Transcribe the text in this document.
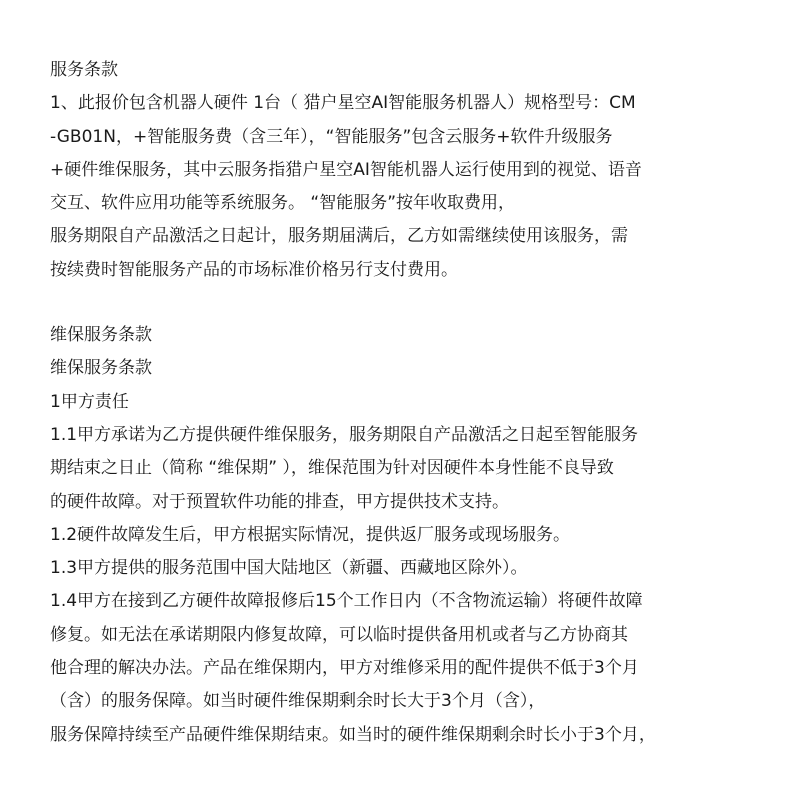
服务条款

1、此报价包含机器人硬件 1台（ 猎户星空AI智能服务机器人）规格型号：CM

-GB01N，+智能服务费（含三年），“智能服务”包含云服务+软件升级服务

+硬件维保服务，其中云服务指猎户星空AI智能机器人运行使用到的视觉、语音

交互、软件应用功能等系统服务。 “智能服务”按年收取费用，

服务期限自产品激活之日起计，服务期届满后，乙方如需继续使用该服务，需

按续费时智能服务产品的市场标准价格另行支付费用。

维保服务条款

维保服务条款

1甲方责任

1.1甲方承诺为乙方提供硬件维保服务，服务期限自产品激活之日起至智能服务

期结束之日止（简称 “维保期” ），维保范围为针对因硬件本身性能不良导致

的硬件故障。对于预置软件功能的排查，甲方提供技术支持。

1.2硬件故障发生后，甲方根据实际情况，提供返厂服务或现场服务。

1.3甲方提供的服务范围中国大陆地区（新疆、西藏地区除外）。

1.4甲方在接到乙方硬件故障报修后15个工作日内（不含物流运输）将硬件故障

修复。如无法在承诺期限内修复故障，可以临时提供备用机或者与乙方协商其

他合理的解决办法。产品在维保期内，甲方对维修采用的配件提供不低于3个月

（含）的服务保障。如当时硬件维保期剩余时长大于3个月（含），

服务保障持续至产品硬件维保期结束。如当时的硬件维保期剩余时长小于3个月，
